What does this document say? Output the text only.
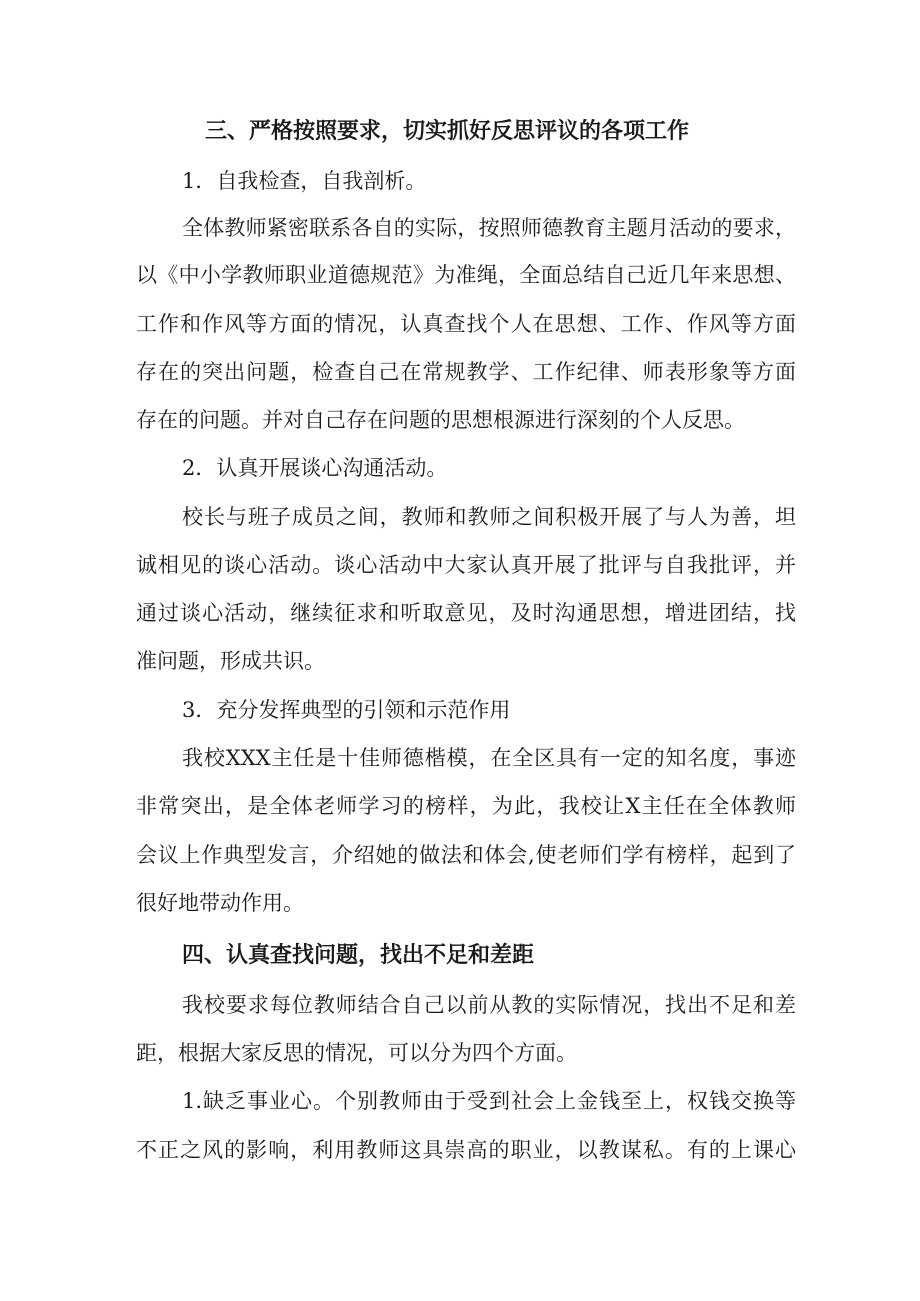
三、严格按照要求，切实抓好反思评议的各项工作
1．自我检查，自我剖析。
全体教师紧密联系各自的实际，按照师德教育主题月活动的要求，
以《中小学教师职业道德规范》为准绳，全面总结自己近几年来思想、
工作和作风等方面的情况，认真查找个人在思想、工作、作风等方面
存在的突出问题，检查自己在常规教学、工作纪律、师表形象等方面
存在的问题。并对自己存在问题的思想根源进行深刻的个人反思。
2．认真开展谈心沟通活动。
校长与班子成员之间，教师和教师之间积极开展了与人为善，坦
诚相见的谈心活动。谈心活动中大家认真开展了批评与自我批评，并
通过谈心活动，继续征求和听取意见，及时沟通思想，增进团结，找
准问题，形成共识。
3．充分发挥典型的引领和示范作用
我校XXX主任是十佳师德楷模，在全区具有一定的知名度，事迹
非常突出，是全体老师学习的榜样，为此，我校让X主任在全体教师
会议上作典型发言，介绍她的做法和体会,使老师们学有榜样，起到了
很好地带动作用。
四、认真查找问题，找出不足和差距
我校要求每位教师结合自己以前从教的实际情况，找出不足和差
距，根据大家反思的情况，可以分为四个方面。
1.缺乏事业心。个别教师由于受到社会上金钱至上，权钱交换等
不正之风的影响，利用教师这具崇高的职业，以教谋私。有的上课心
